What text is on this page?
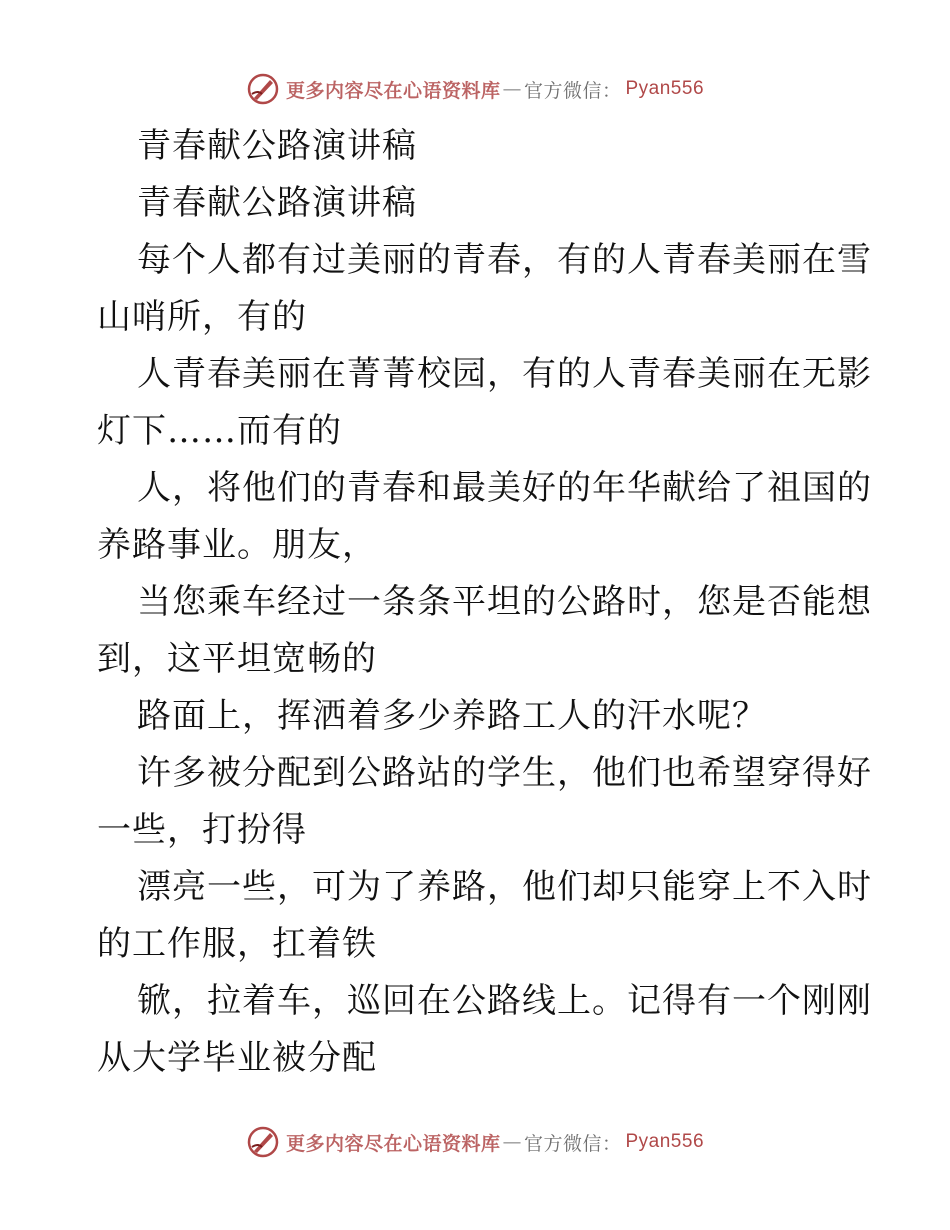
更多内容尽在心语资料库 — 官方微信： Pyan556
青春献公路演讲稿
青春献公路演讲稿
每个人都有过美丽的青春，有的人青春美丽在雪
山哨所，有的
人青春美丽在菁菁校园，有的人青春美丽在无影
灯下……而有的
人，将他们的青春和最美好的年华献给了祖国的
养路事业。朋友，
当您乘车经过一条条平坦的公路时，您是否能想
到，这平坦宽畅的
路面上，挥洒着多少养路工人的汗水呢？
许多被分配到公路站的学生，他们也希望穿得好
一些，打扮得
漂亮一些，可为了养路，他们却只能穿上不入时
的工作服，扛着铁
锨，拉着车，巡回在公路线上。记得有一个刚刚
从大学毕业被分配
更多内容尽在心语资料库 — 官方微信： Pyan556
